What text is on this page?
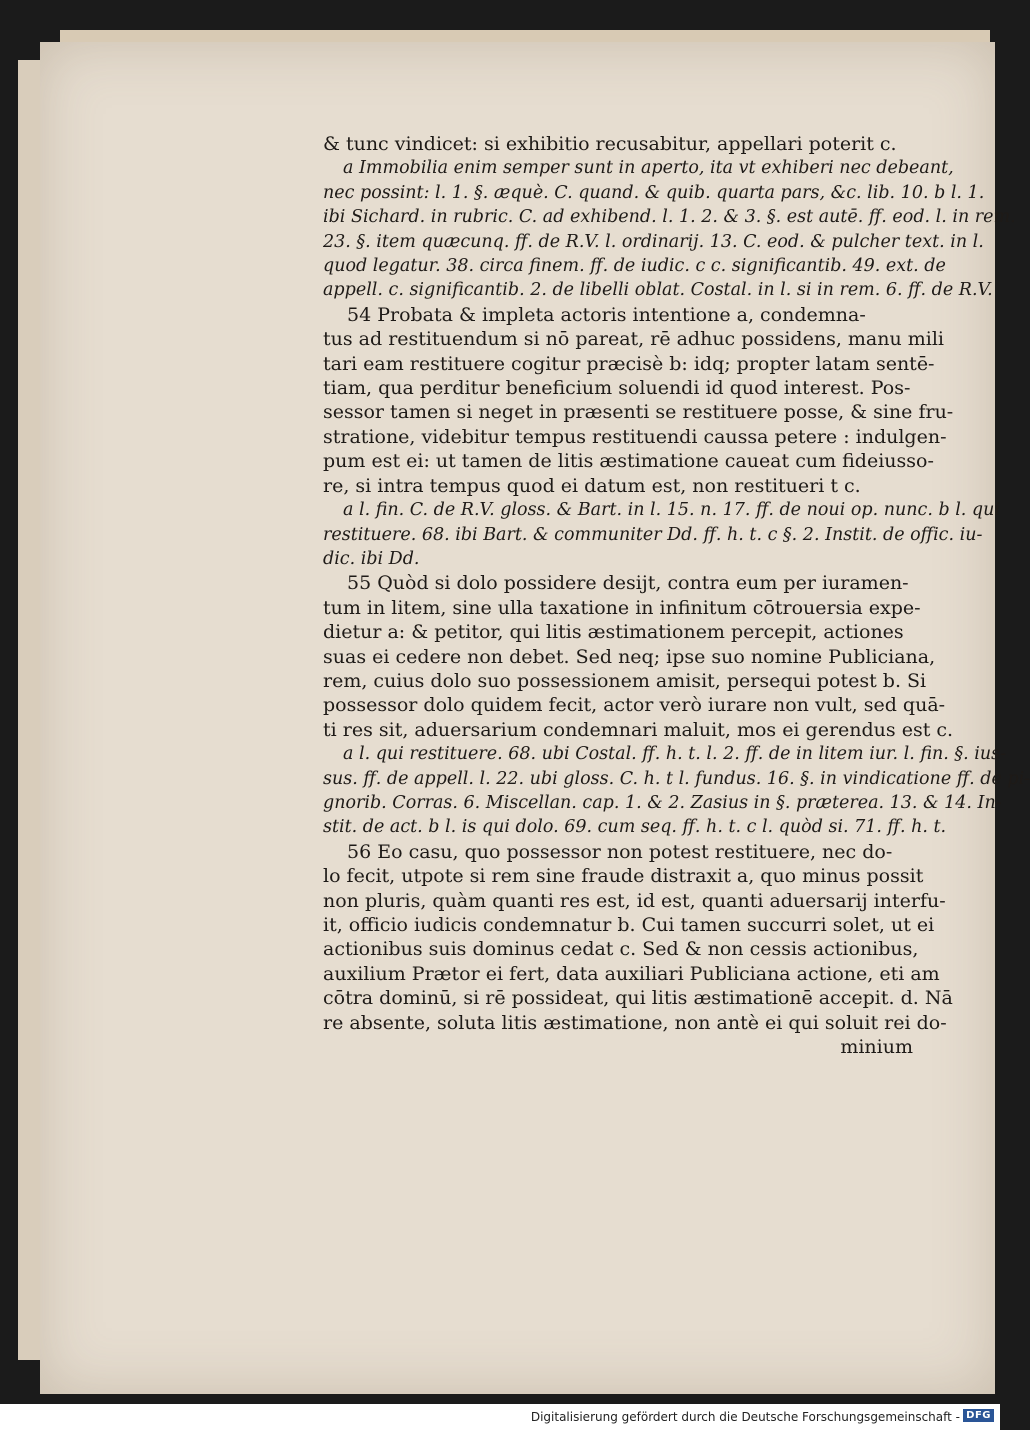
& tunc vindicet: si exhibitio recusabitur, appellari poterit c.
a Immobilia enim semper sunt in aperto, ita vt exhiberi nec debeant,
nec possint: l. 1. §. æquè. C. quand. & quib. quarta pars, &c. lib. 10. b l. 1.
ibi Sichard. in rubric. C. ad exhibend. l. 1. 2. & 3. §. est autē. ff. eod. l. in rem.
23. §. item quæcunq. ff. de R.V. l. ordinarij. 13. C. eod. & pulcher text. in l.
quod legatur. 38. circa finem. ff. de iudic. c c. significantib. 49. ext. de
appell. c. significantib. 2. de libelli oblat. Costal. in l. si in rem. 6. ff. de R.V.
54 Probata & impleta actoris intentione a, condemna-
tus ad restituendum si nō pareat, rē adhuc possidens, manu mili
tari eam restituere cogitur præcisè b: idq; propter latam sentē-
tiam, qua perditur beneficium soluendi id quod interest. Pos-
sessor tamen si neget in præsenti se restituere posse, & sine fru-
stratione, videbitur tempus restituendi caussa petere : indulgen-
pum est ei: ut tamen de litis æstimatione caueat cum fideiusso-
re, si intra tempus quod ei datum est, non restitueri t c.
a l. fin. C. de R.V. gloss. & Bart. in l. 15. n. 17. ff. de noui op. nunc. b l. qui
restituere. 68. ibi Bart. & communiter Dd. ff. h. t. c §. 2. Instit. de offic. iu-
dic. ibi Dd.
55 Quòd si dolo possidere desijt, contra eum per iuramen-
tum in litem, sine ulla taxatione in infinitum cōtrouersia expe-
dietur a: & petitor, qui litis æstimationem percepit, actiones
suas ei cedere non debet. Sed neq; ipse suo nomine Publiciana,
rem, cuius dolo suo possessionem amisit, persequi potest b. Si
possessor dolo quidem fecit, actor verò iurare non vult, sed quā-
ti res sit, aduersarium condemnari maluit, mos ei gerendus est c.
a l. qui restituere. 68. ubi Costal. ff. h. t. l. 2. ff. de in litem iur. l. fin. §. ius-
sus. ff. de appell. l. 22. ubi gloss. C. h. t l. fundus. 16. §. in vindicatione ff. de pi-
gnorib. Corras. 6. Miscellan. cap. 1. & 2. Zasius in §. præterea. 13. & 14. In-
stit. de act. b l. is qui dolo. 69. cum seq. ff. h. t. c l. quòd si. 71. ff. h. t.
56 Eo casu, quo possessor non potest restituere, nec do-
lo fecit, utpote si rem sine fraude distraxit a, quo minus possit
non pluris, quàm quanti res est, id est, quanti aduersarij interfu-
it, officio iudicis condemnatur b. Cui tamen succurri solet, ut ei
actionibus suis dominus cedat c. Sed & non cessis actionibus,
auxilium Prætor ei fert, data auxiliari Publiciana actione, eti am
cōtra dominū, si rē possideat, qui litis æstimationē accepit. d. Nā
re absente, soluta litis æstimatione, non antè ei qui soluit rei do-
minium
Digitalisierung gefördert durch die Deutsche Forschungsgemeinschaft - DFG
